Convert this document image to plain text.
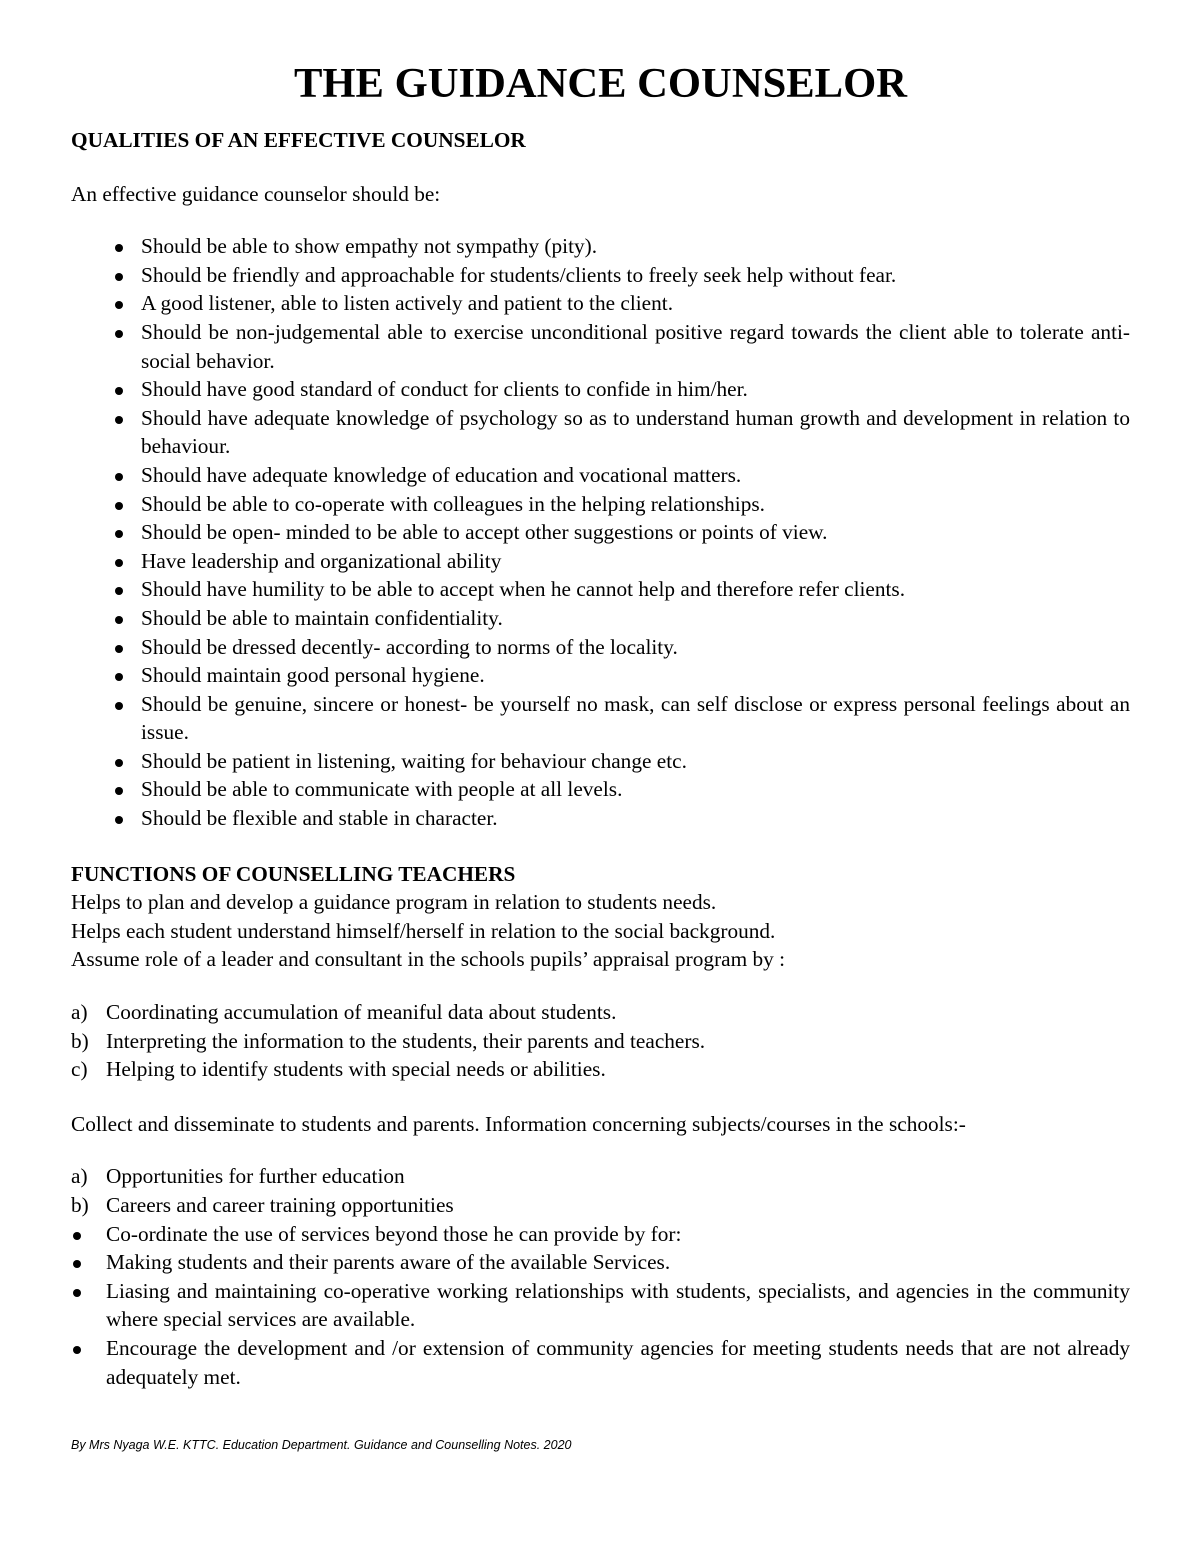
THE GUIDANCE COUNSELOR
QUALITIES OF AN EFFECTIVE COUNSELOR

An effective guidance counselor should be:

Should be able to show empathy not sympathy (pity).
Should be friendly and approachable for students/clients to freely seek help without fear.
A good listener, able to listen actively and patient to the client.
Should be non-judgemental able to exercise unconditional positive regard towards the client able to tolerate anti-social behavior.
Should have good standard of conduct for clients to confide in him/her.
Should have adequate knowledge of psychology so as to understand human growth and development in relation to behaviour.
Should have adequate knowledge of education and vocational matters.
Should be able to co-operate with colleagues in the helping relationships.
Should be open- minded to be able to accept other suggestions or points of view.
Have leadership and organizational ability
Should have humility to be able to accept when he cannot help and therefore refer clients.
Should be able to maintain confidentiality.
Should be dressed decently- according to norms of the locality.
Should maintain good personal hygiene.
Should be genuine, sincere or honest- be yourself no mask, can self disclose or express personal feelings about an issue.
Should be patient in listening, waiting for behaviour change etc.
Should be able to communicate with people at all levels.
Should be flexible and stable in character.
FUNCTIONS OF COUNSELLING TEACHERS

Helps to plan and develop a guidance program in relation to students needs.

Helps each student understand himself/herself in relation to the social background.

Assume role of a leader and consultant in the schools pupils’ appraisal program by :

a) Coordinating accumulation of meaniful data about students.
b) Interpreting the information to the students, their parents and teachers.
c) Helping to identify students with special needs or abilities.

Collect and disseminate to students and parents. Information concerning subjects/courses in the schools:-

a) Opportunities for further education
b) Careers and career training opportunities
Co-ordinate the use of services beyond those he can provide by for:
Making students and their parents aware of the available Services.
Liasing and maintaining co-operative working relationships with students, specialists, and agencies in the community where special services are available.
Encourage the development and /or extension of community agencies for meeting students needs that are not already adequately met.
By Mrs Nyaga W.E. KTTC. Education Department. Guidance and Counselling Notes. 2020
